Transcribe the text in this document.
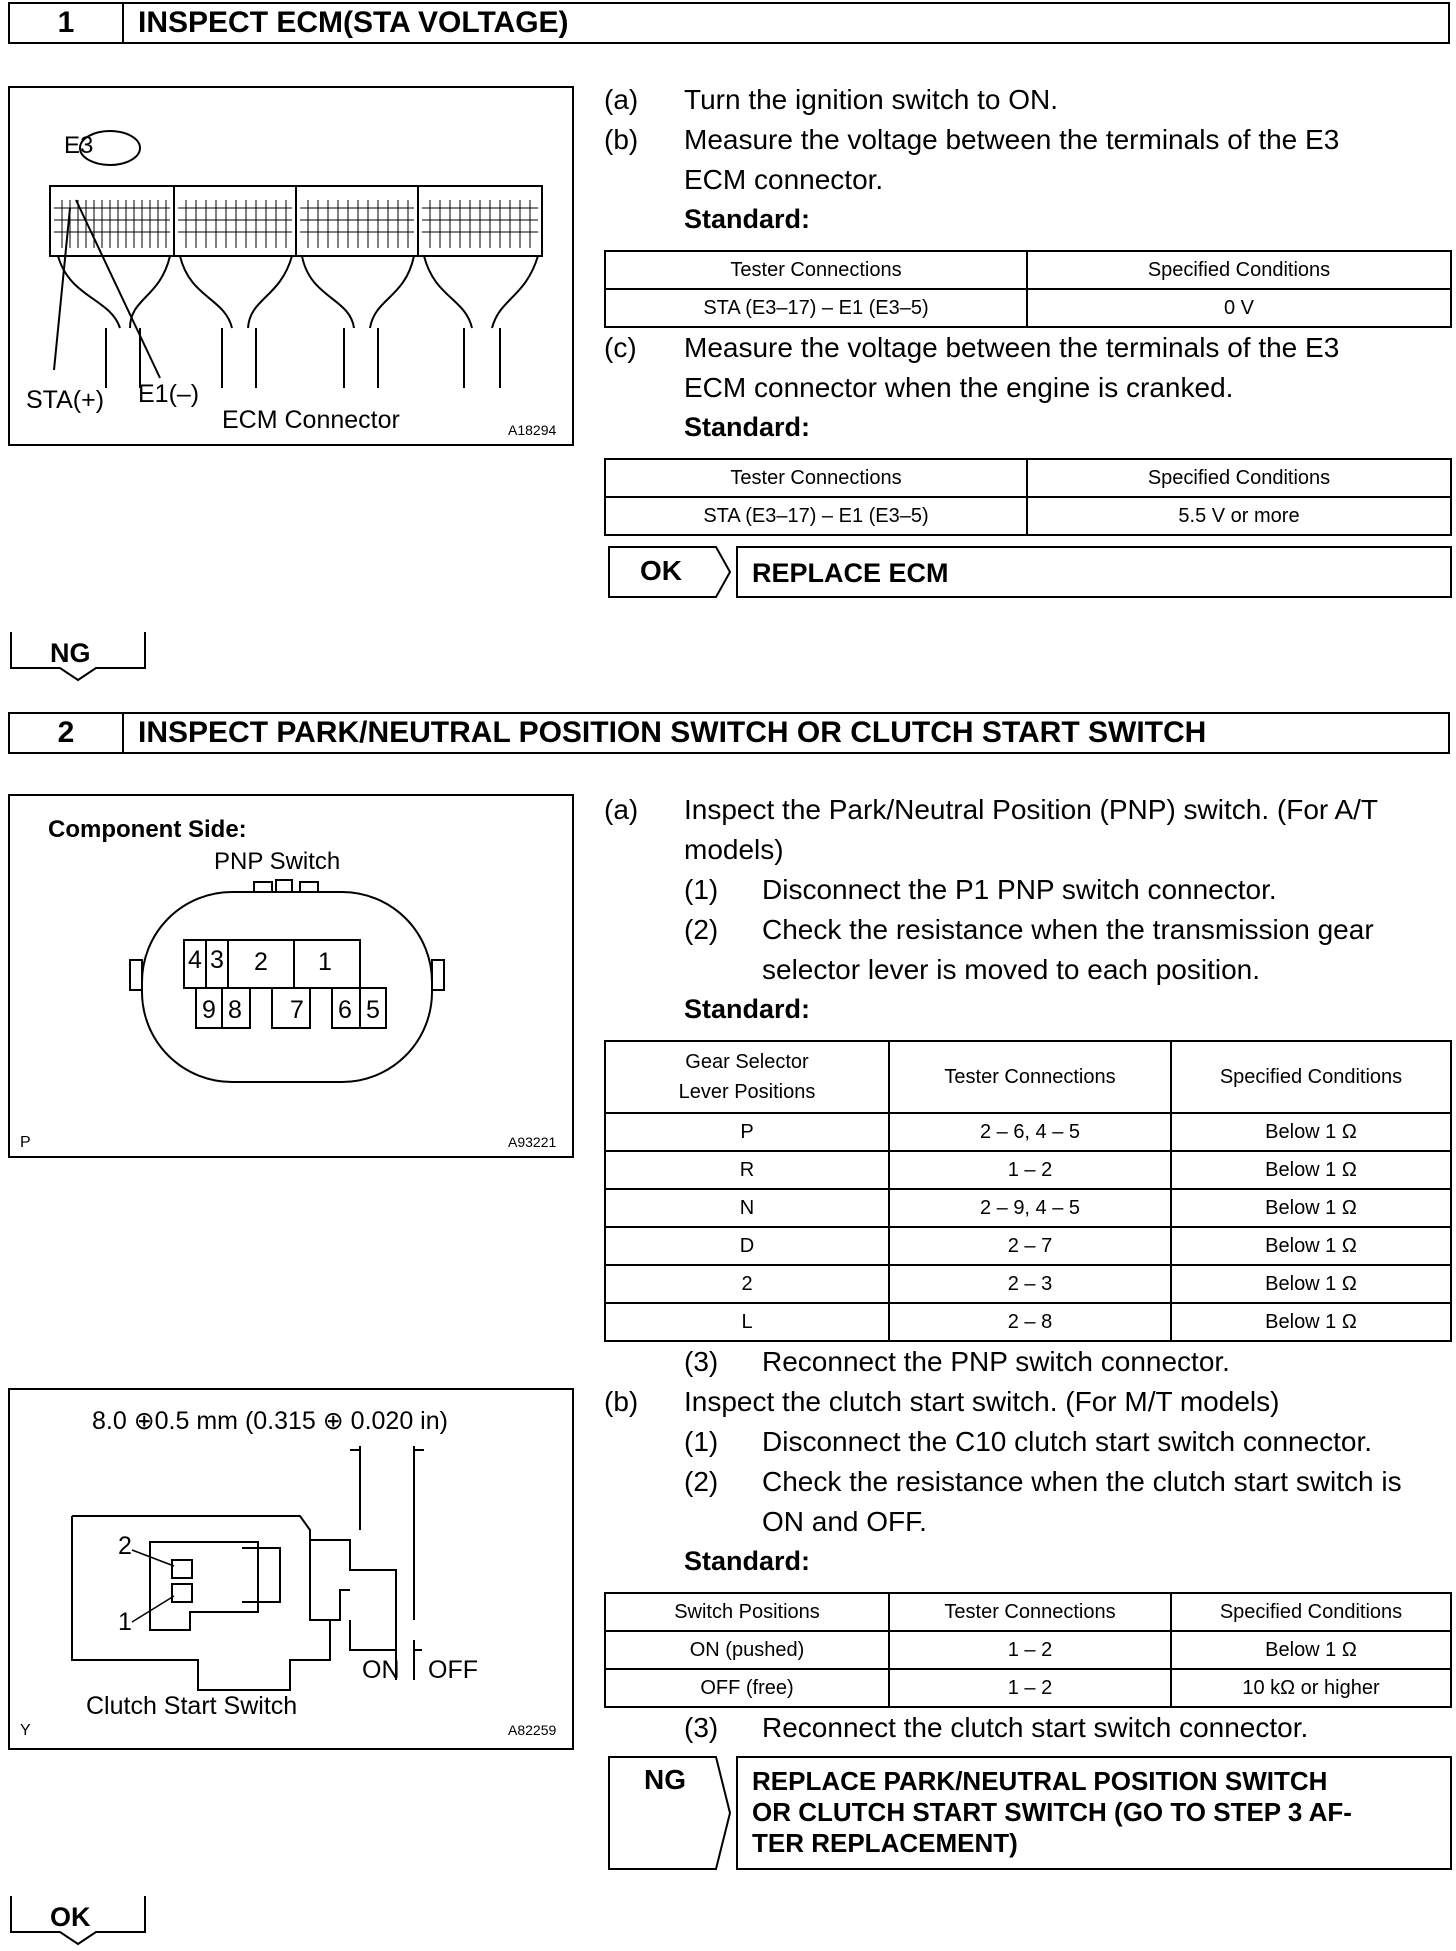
1	INSPECT ECM(STA VOLTAGE)
E3
STA(+) E1(–)
ECM Connector	A18294
(a) Turn the ignition switch to ON.
(b) Measure the voltage between the terminals of the E3
ECM connector.
Standard:
Tester Connections	Specified Conditions
STA (E3–17) – E1 (E3–5)	0 V
(c) Measure the voltage between the terminals of the E3
ECM connector when the engine is cranked.
Standard:
Tester Connections	Specified Conditions
STA (E3–17) – E1 (E3–5)	5.5 V or more
OK	REPLACE ECM
NG
2	INSPECT PARK/NEUTRAL POSITION SWITCH OR CLUTCH START SWITCH
Component Side:
PNP Switch
4 3 2 1
9 8 7 6 5
P	A93221
8.0 ⊕0.5 mm (0.315 ⊕ 0.020 in)
2
1
ON OFF
Clutch Start Switch
Y	A82259
(a) Inspect the Park/Neutral Position (PNP) switch. (For A/T
models)
(1) Disconnect the P1 PNP switch connector.
(2) Check the resistance when the transmission gear
selector lever is moved to each position.
Standard:
Gear Selector
Lever Positions	Tester Connections	Specified Conditions
P	2 – 6, 4 – 5	Below 1 Ω
R	1 – 2	Below 1 Ω
N	2 – 9, 4 – 5	Below 1 Ω
D	2 – 7	Below 1 Ω
2	2 – 3	Below 1 Ω
L	2 – 8	Below 1 Ω
(3) Reconnect the PNP switch connector.
(b) Inspect the clutch start switch. (For M/T models)
(1) Disconnect the C10 clutch start switch connector.
(2) Check the resistance when the clutch start switch is
ON and OFF.
Standard:
Switch Positions	Tester Connections	Specified Conditions
ON (pushed)	1 – 2	Below 1 Ω
OFF (free)	1 – 2	10 kΩ or higher
(3) Reconnect the clutch start switch connector.
NG	REPLACE PARK/NEUTRAL POSITION SWITCH
OR CLUTCH START SWITCH (GO TO STEP 3 AF-
TER REPLACEMENT)
OK
